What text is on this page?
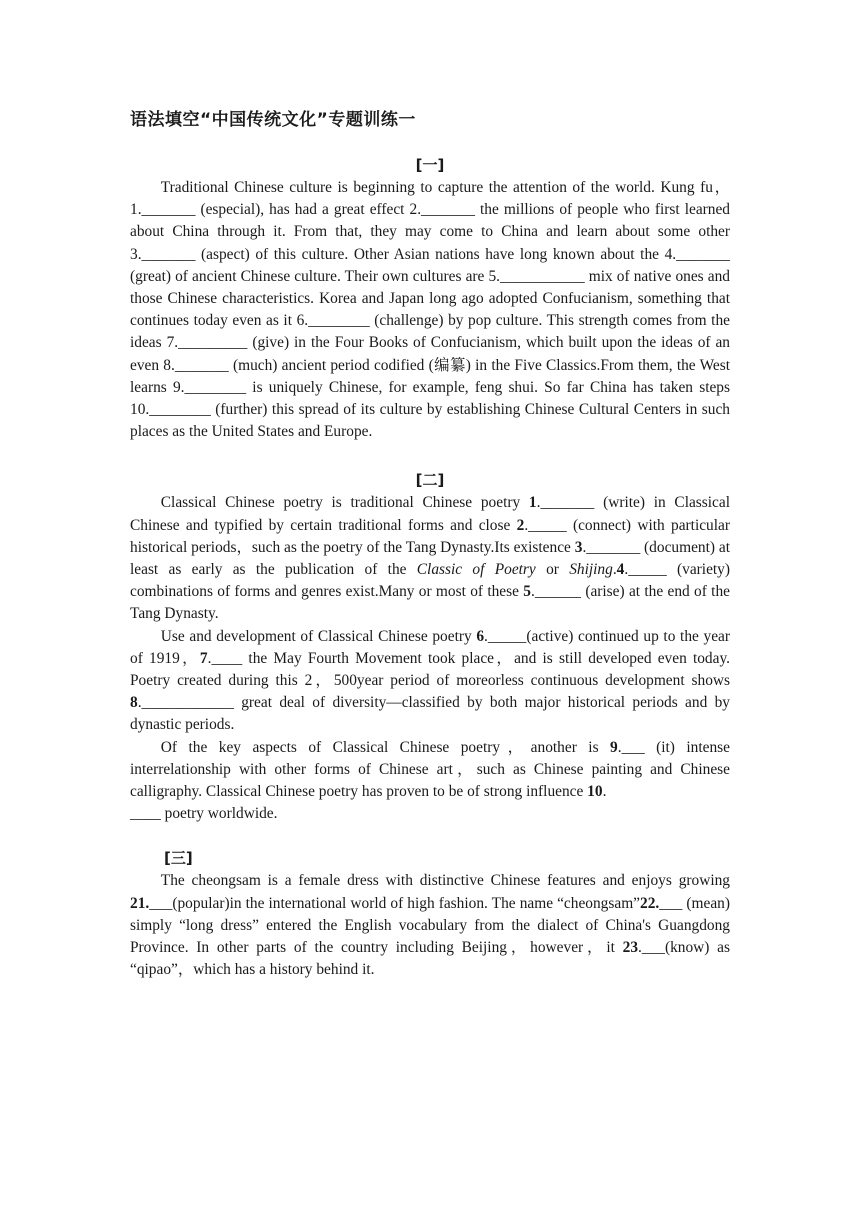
语法填空“中国传统文化”专题训练一
[一]

Traditional Chinese culture is beginning to capture the attention of the world. Kung fu，1._______ (especial), has had a great effect 2._______ the millions of people who first learned about China through it. From that, they may come to China and learn about some other 3._______ (aspect) of this culture. Other Asian nations have long known about the 4._______ (great) of ancient Chinese culture. Their own cultures are 5.___________ mix of native ones and those Chinese characteristics. Korea and Japan long ago adopted Confucianism, something that continues today even as it 6.________ (challenge) by pop culture. This strength comes from the ideas 7._________ (give) in the Four Books of Confucianism, which built upon the ideas of an even 8._______ (much) ancient period codified (编纂) in the Five Classics.From them, the West learns 9.________ is uniquely Chinese, for example, feng shui. So far China has taken steps 10.________ (further) this spread of its culture by establishing Chinese Cultural Centers in such places as the United States and Europe.

[二]

Classical Chinese poetry is traditional Chinese poetry 1._______ (write) in Classical Chinese and typified by certain traditional forms and close 2._____ (connect) with particular historical periods，such as the poetry of the Tang Dynasty.Its existence 3._______ (document) at least as early as the publication of the Classic of Poetry or Shijing.4._____ (variety) combinations of forms and genres exist.Many or most of these 5.______ (arise) at the end of the Tang Dynasty.

Use and development of Classical Chinese poetry 6._____(active) continued up to the year of 1919，7.____ the May Fourth Movement took place，and is still developed even today. Poetry created during this 2，500year period of moreorless continuous development shows 8.____________ great deal of diversity—classified by both major historical periods and by dynastic periods.

Of the key aspects of Classical Chinese poetry，another is 9.___ (it) intense interrelationship with other forms of Chinese art，such as Chinese painting and Chinese calligraphy. Classical Chinese poetry has proven to be of strong influence 10.

____ poetry worldwide.

[三]

The cheongsam is a female dress with distinctive Chinese features and enjoys growing 21.___(popular)in the international world of high fashion. The name “cheongsam”22.___ (mean) simply “long dress” entered the English vocabulary from the dialect of China's Guangdong Province. In other parts of the country including Beijing，however，it 23.___(know) as “qipao”，which has a history behind it.
